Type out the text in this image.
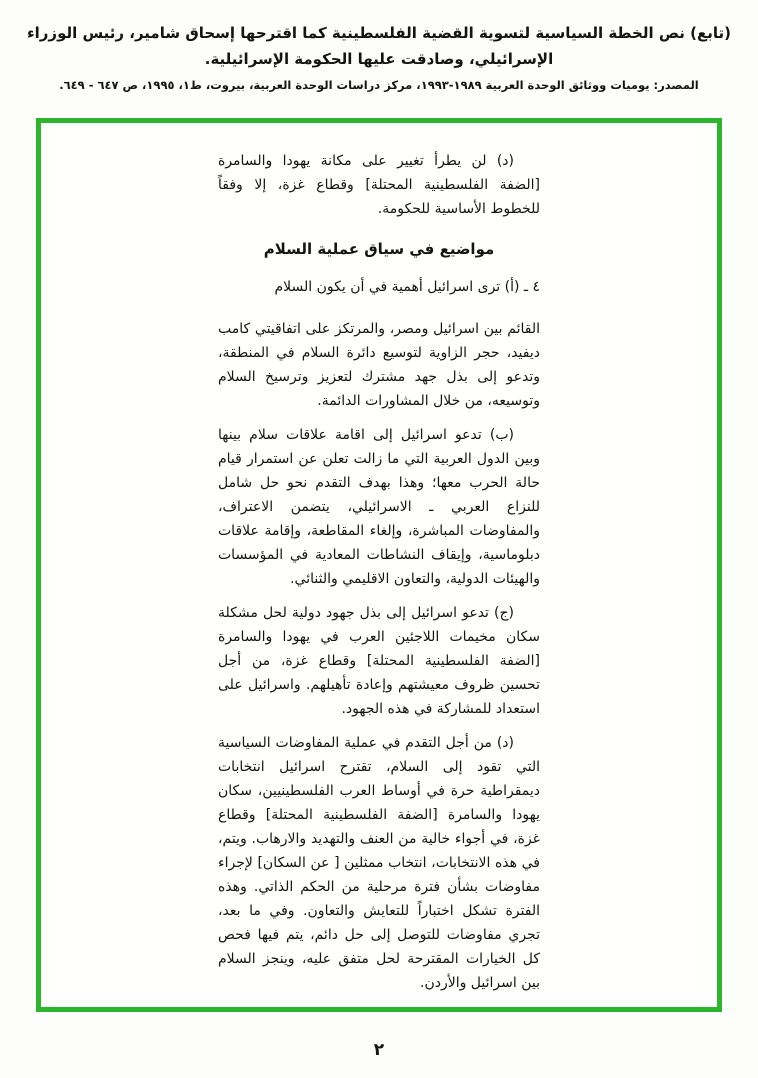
(تابع) نص الخطة السياسية لتسوية القضية الفلسطينية كما اقترحها إسحاق شامير، رئيس الوزراء الإسرائيلي، وصادقت عليها الحكومة الإسرائيلية.
المصدر: يوميات ووثائق الوحدة العربية ١٩٨٩-١٩٩٣، مركز دراسات الوحدة العربية، بيروت، ط١، ١٩٩٥، ص ٦٤٧ - ٦٤٩.

(د) لن يطرأ تغيير على مكانة يهودا والسامرة [الضفة الفلسطينية المحتلة] وقطاع غزة، إلا وفقاً للخطوط الأساسية للحكومة.

مواضيع في سياق عملية السلام

٤ ـ (أ) ترى اسرائيل أهمية في أن يكون السلام

القائم بين اسرائيل ومصر، والمرتكز على اتفاقيتي كامب ديفيد، حجر الزاوية لتوسيع دائرة السلام في المنطقة، وتدعو إلى بذل جهد مشترك لتعزيز وترسيخ السلام وتوسيعه، من خلال المشاورات الدائمة.

(ب) تدعو اسرائيل إلى اقامة علاقات سلام بينها وبين الدول العربية التي ما زالت تعلن عن استمرار قيام حالة الحرب معها؛ وهذا بهدف التقدم نحو حل شامل للنزاع العربي ـ الاسرائيلي، يتضمن الاعتراف، والمفاوضات المباشرة، وإلغاء المقاطعة، وإقامة علاقات دبلوماسية، وإيقاف النشاطات المعادية في المؤسسات والهيئات الدولية، والتعاون الاقليمي والثنائي.

(ج) تدعو اسرائيل إلى بذل جهود دولية لحل مشكلة سكان مخيمات اللاجئين العرب في يهودا والسامرة [الضفة الفلسطينية المحتلة] وقطاع غزة، من أجل تحسين ظروف معيشتهم وإعادة تأهيلهم. واسرائيل على استعداد للمشاركة في هذه الجهود.

(د) من أجل التقدم في عملية المفاوضات السياسية التي تقود إلى السلام، تقترح اسرائيل انتخابات ديمقراطية حرة في أوساط العرب الفلسطينيين، سكان يهودا والسامرة [الضفة الفلسطينية المحتلة] وقطاع غزة، في أجواء خالية من العنف والتهديد والارهاب. ويتم، في هذه الانتخابات، انتخاب ممثلين [ عن السكان] لإجراء مفاوضات بشأن فترة مرحلية من الحكم الذاتي. وهذه الفترة تشكل اختباراً للتعايش والتعاون. وفي ما بعد، تجري مفاوضات للتوصل إلى حل دائم، يتم فيها فحص كل الخيارات المقترحة لحل متفق عليه، وينجز السلام بين اسرائيل والأردن.

٢
